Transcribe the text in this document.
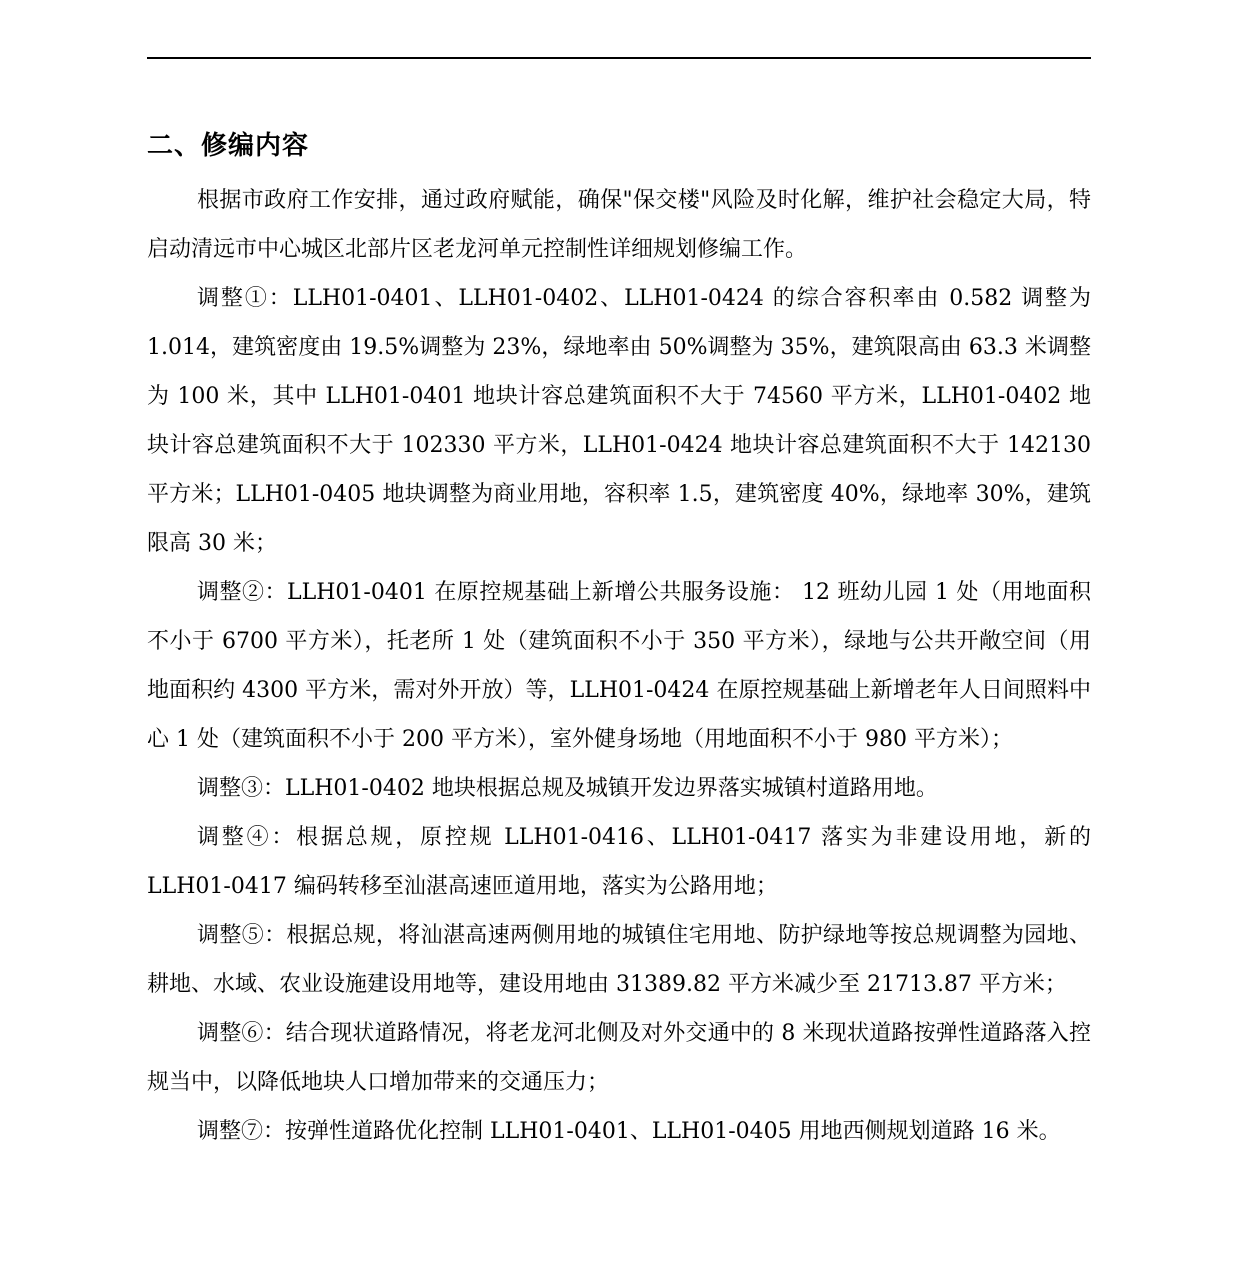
二、修编内容

根据市政府工作安排，通过政府赋能，确保"保交楼"风险及时化解，维护社会稳定大局，特启动清远市中心城区北部片区老龙河单元控制性详细规划修编工作。

调整①：LLH01-0401、LLH01-0402、LLH01-0424 的综合容积率由 0.582 调整为 1.014，建筑密度由 19.5%调整为 23%，绿地率由 50%调整为 35%，建筑限高由 63.3 米调整为 100 米，其中 LLH01-0401 地块计容总建筑面积不大于 74560 平方米，LLH01-0402 地块计容总建筑面积不大于 102330 平方米，LLH01-0424 地块计容总建筑面积不大于 142130 平方米；LLH01-0405 地块调整为商业用地，容积率 1.5，建筑密度 40%，绿地率 30%，建筑限高 30 米；

调整②：LLH01-0401 在原控规基础上新增公共服务设施： 12 班幼儿园 1 处（用地面积不小于 6700 平方米），托老所 1 处（建筑面积不小于 350 平方米），绿地与公共开敞空间（用地面积约 4300 平方米，需对外开放）等，LLH01-0424 在原控规基础上新增老年人日间照料中心 1 处（建筑面积不小于 200 平方米），室外健身场地（用地面积不小于 980 平方米）；

调整③：LLH01-0402 地块根据总规及城镇开发边界落实城镇村道路用地。

调整④：根据总规，原控规 LLH01-0416、LLH01-0417 落实为非建设用地，新的 LLH01-0417 编码转移至汕湛高速匝道用地，落实为公路用地；

调整⑤：根据总规，将汕湛高速两侧用地的城镇住宅用地、防护绿地等按总规调整为园地、耕地、水域、农业设施建设用地等，建设用地由 31389.82 平方米减少至 21713.87 平方米；

调整⑥：结合现状道路情况，将老龙河北侧及对外交通中的 8 米现状道路按弹性道路落入控规当中，以降低地块人口增加带来的交通压力；

调整⑦：按弹性道路优化控制 LLH01-0401、LLH01-0405 用地西侧规划道路 16 米。
